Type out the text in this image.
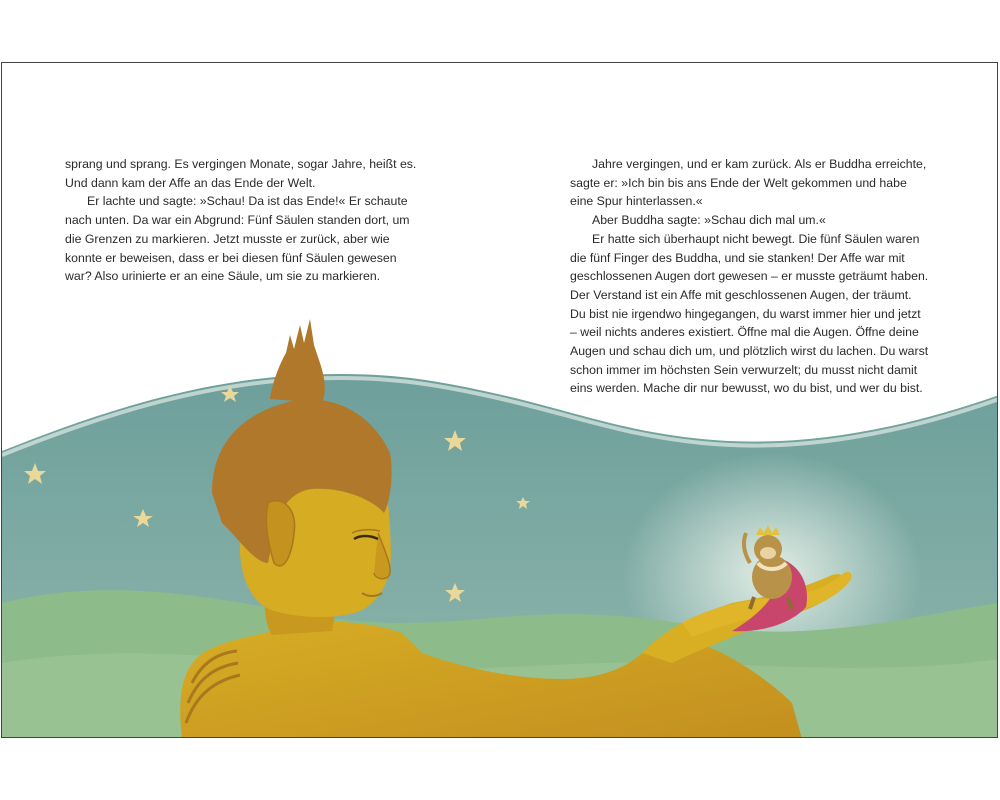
sprang und sprang. Es vergingen Monate, sogar Jahre, heißt es. Und dann kam der Affe an das Ende der Welt.

Er lachte und sagte: »Schau! Da ist das Ende!« Er schaute nach unten. Da war ein Abgrund: Fünf Säulen standen dort, um die Grenzen zu markieren. Jetzt musste er zurück, aber wie konnte er beweisen, dass er bei diesen fünf Säulen gewesen war? Also urinierte er an eine Säule, um sie zu markieren.

Jahre vergingen, und er kam zurück. Als er Buddha erreichte, sagte er: »Ich bin bis ans Ende der Welt gekommen und habe eine Spur hinterlassen.«

Aber Buddha sagte: »Schau dich mal um.«

Er hatte sich überhaupt nicht bewegt. Die fünf Säulen waren die fünf Finger des Buddha, und sie stanken! Der Affe war mit geschlossenen Augen dort gewesen – er musste geträumt haben. Der Verstand ist ein Affe mit geschlossenen Augen, der träumt. Du bist nie irgendwo hingegangen, du warst immer hier und jetzt – weil nichts anderes existiert. Öffne mal die Augen. Öffne deine Augen und schau dich um, und plötzlich wirst du lachen. Du warst schon immer im höchsten Sein verwurzelt; du musst nicht damit eins werden. Mache dir nur bewusst, wo du bist, und wer du bist.
